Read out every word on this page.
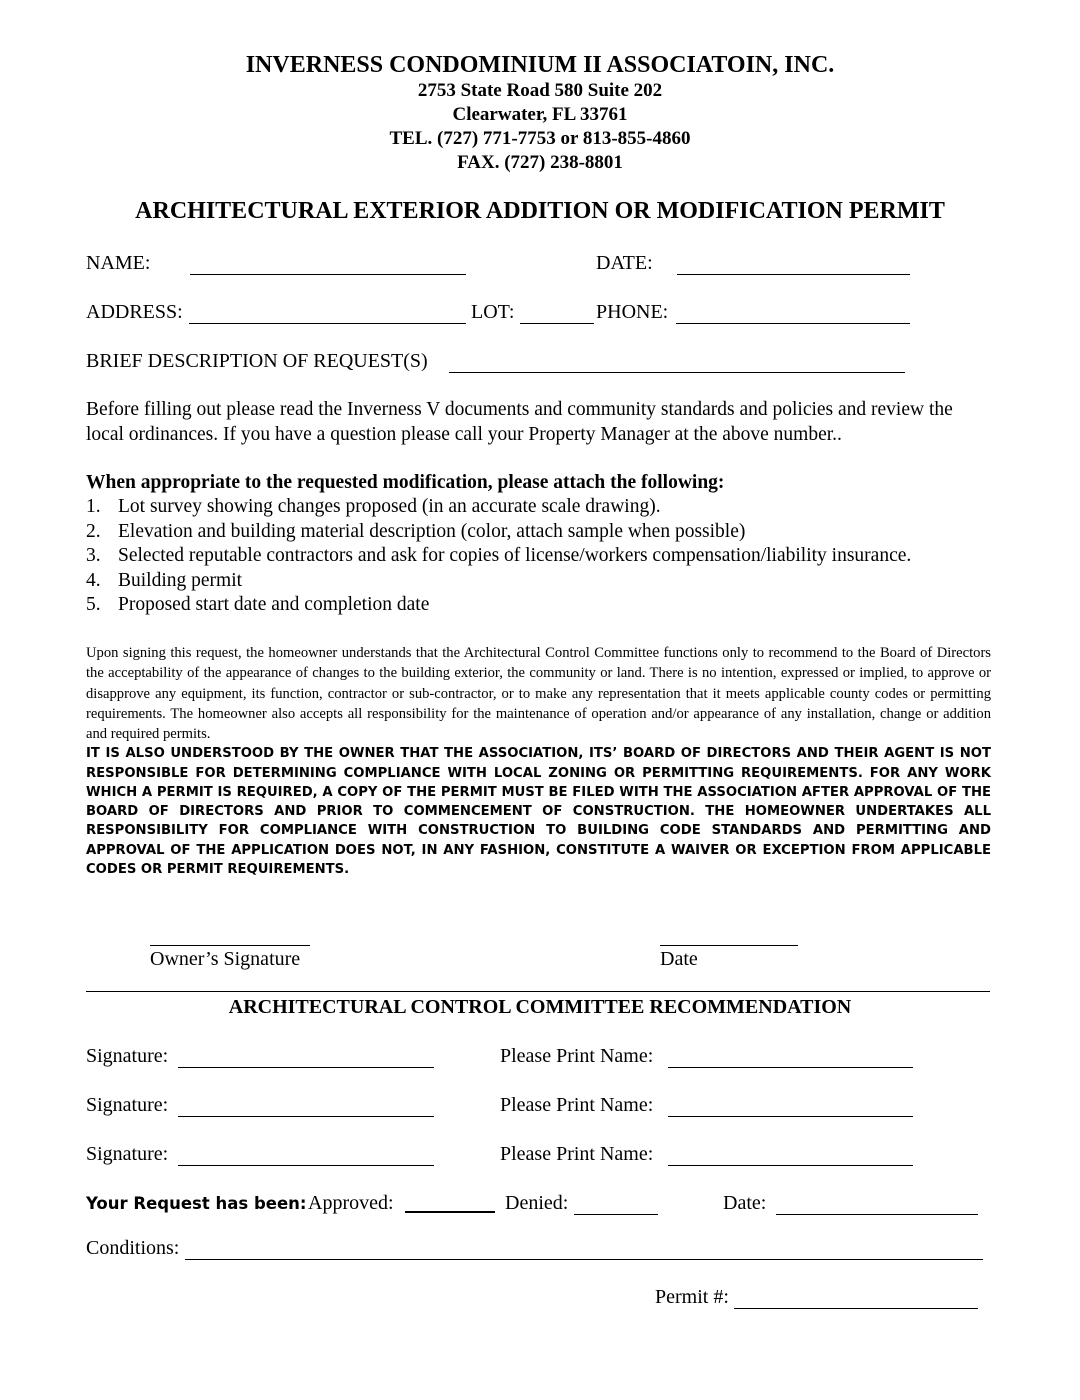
INVERNESS CONDOMINIUM II ASSOCIATOIN, INC.
2753 State Road 580 Suite 202
Clearwater, FL 33761
TEL. (727) 771-7753 or 813-855-4860
FAX. (727) 238-8801
ARCHITECTURAL EXTERIOR ADDITION OR MODIFICATION PERMIT
NAME:	DATE:
ADDRESS:	LOT:	PHONE:
BRIEF DESCRIPTION OF REQUEST(S)
Before filling out please read the Inverness V documents and community standards and policies and review the local ordinances. If you have a question please call your Property Manager at the above number..
When appropriate to the requested modification, please attach the following:
1. Lot survey showing changes proposed (in an accurate scale drawing).
2. Elevation and building material description (color, attach sample when possible)
3. Selected reputable contractors and ask for copies of license/workers compensation/liability insurance.
4. Building permit
5. Proposed start date and completion date
Upon signing this request, the homeowner understands that the Architectural Control Committee functions only to recommend to the Board of Directors the acceptability of the appearance of changes to the building exterior, the community or land. There is no intention, expressed or implied, to approve or disapprove any equipment, its function, contractor or sub-contractor, or to make any representation that it meets applicable county codes or permitting requirements. The homeowner also accepts all responsibility for the maintenance of operation and/or appearance of any installation, change or addition and required permits.
IT IS ALSO UNDERSTOOD BY THE OWNER THAT THE ASSOCIATION, ITS’ BOARD OF DIRECTORS AND THEIR AGENT IS NOT RESPONSIBLE FOR DETERMINING COMPLIANCE WITH LOCAL ZONING OR PERMITTING REQUIREMENTS. FOR ANY WORK WHICH A PERMIT IS REQUIRED, A COPY OF THE PERMIT MUST BE FILED WITH THE ASSOCIATION AFTER APPROVAL OF THE BOARD OF DIRECTORS AND PRIOR TO COMMENCEMENT OF CONSTRUCTION. THE HOMEOWNER UNDERTAKES ALL RESPONSIBILITY FOR COMPLIANCE WITH CONSTRUCTION TO BUILDING CODE STANDARDS AND PERMITTING AND APPROVAL OF THE APPLICATION DOES NOT, IN ANY FASHION, CONSTITUTE A WAIVER OR EXCEPTION FROM APPLICABLE CODES OR PERMIT REQUIREMENTS.
Owner’s Signature	Date
ARCHITECTURAL CONTROL COMMITTEE RECOMMENDATION
Signature:	Please Print Name:
Signature:	Please Print Name:
Signature:	Please Print Name:
Your Request has been: Approved:	Denied:	Date:
Conditions:
Permit #:
